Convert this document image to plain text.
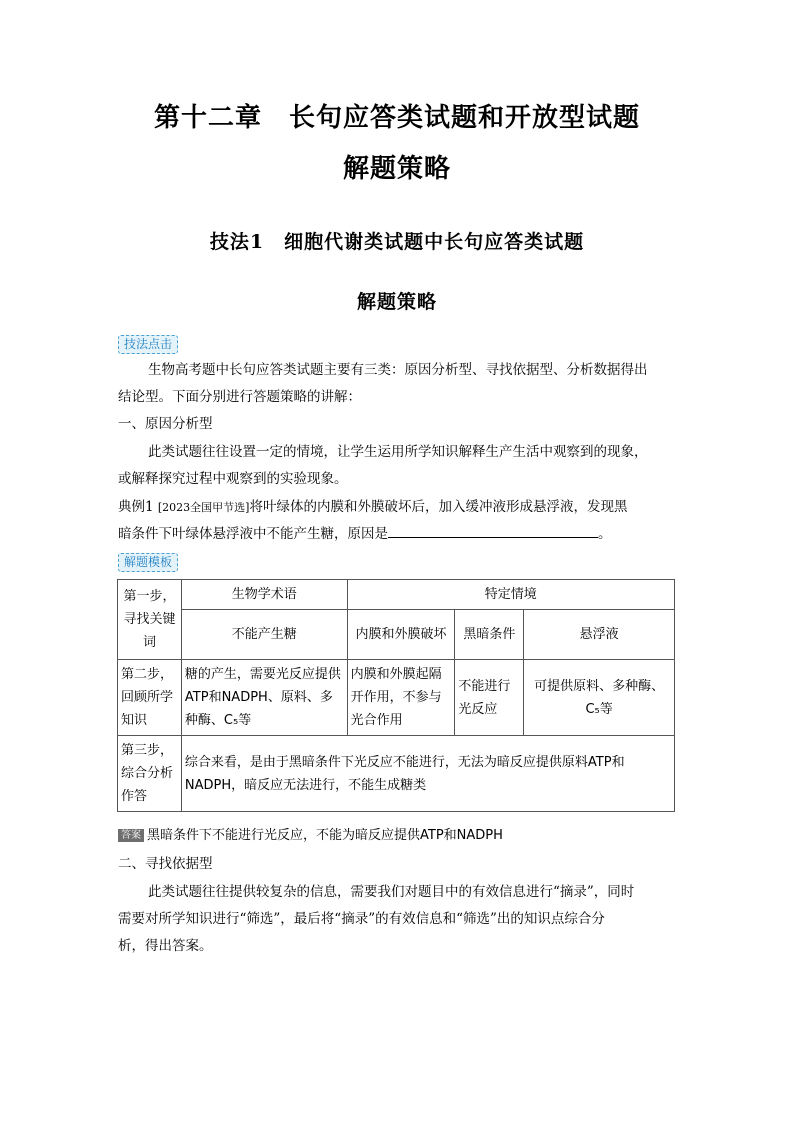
第十二章　长句应答类试题和开放型试题
解题策略
技法1　细胞代谢类试题中长句应答类试题
解题策略
技法点击
生物高考题中长句应答类试题主要有三类：原因分析型、寻找依据型、分析数据得出
结论型。下面分别进行答题策略的讲解：
一、原因分析型
此类试题往往设置一定的情境，让学生运用所学知识解释生产生活中观察到的现象，
或解释探究过程中观察到的实验现象。
典例1 [2023全国甲节选]将叶绿体的内膜和外膜破坏后，加入缓冲液形成悬浮液，发现黑
暗条件下叶绿体悬浮液中不能产生糖，原因是	。
解题模板
第一步，寻找关键词	生物学术语	特定情境		
	不能产生糖	内膜和外膜破坏	黑暗条件	悬浮液
第二步，回顾所学知识	糖的产生，需要光反应提供ATP和NADPH、原料、多种酶、C₅等	内膜和外膜起隔开作用，不参与光合作用	不能进行光反应	可提供原料、多种酶、C₅等
第三步，综合分析作答	综合来看，是由于黑暗条件下光反应不能进行，无法为暗反应提供原料ATP和NADPH，暗反应无法进行，不能生成糖类			
答案 黑暗条件下不能进行光反应，不能为暗反应提供ATP和NADPH
二、寻找依据型
此类试题往往提供较复杂的信息，需要我们对题目中的有效信息进行“摘录”，同时
需要对所学知识进行“筛选”，最后将“摘录”的有效信息和“筛选”出的知识点综合分
析，得出答案。
